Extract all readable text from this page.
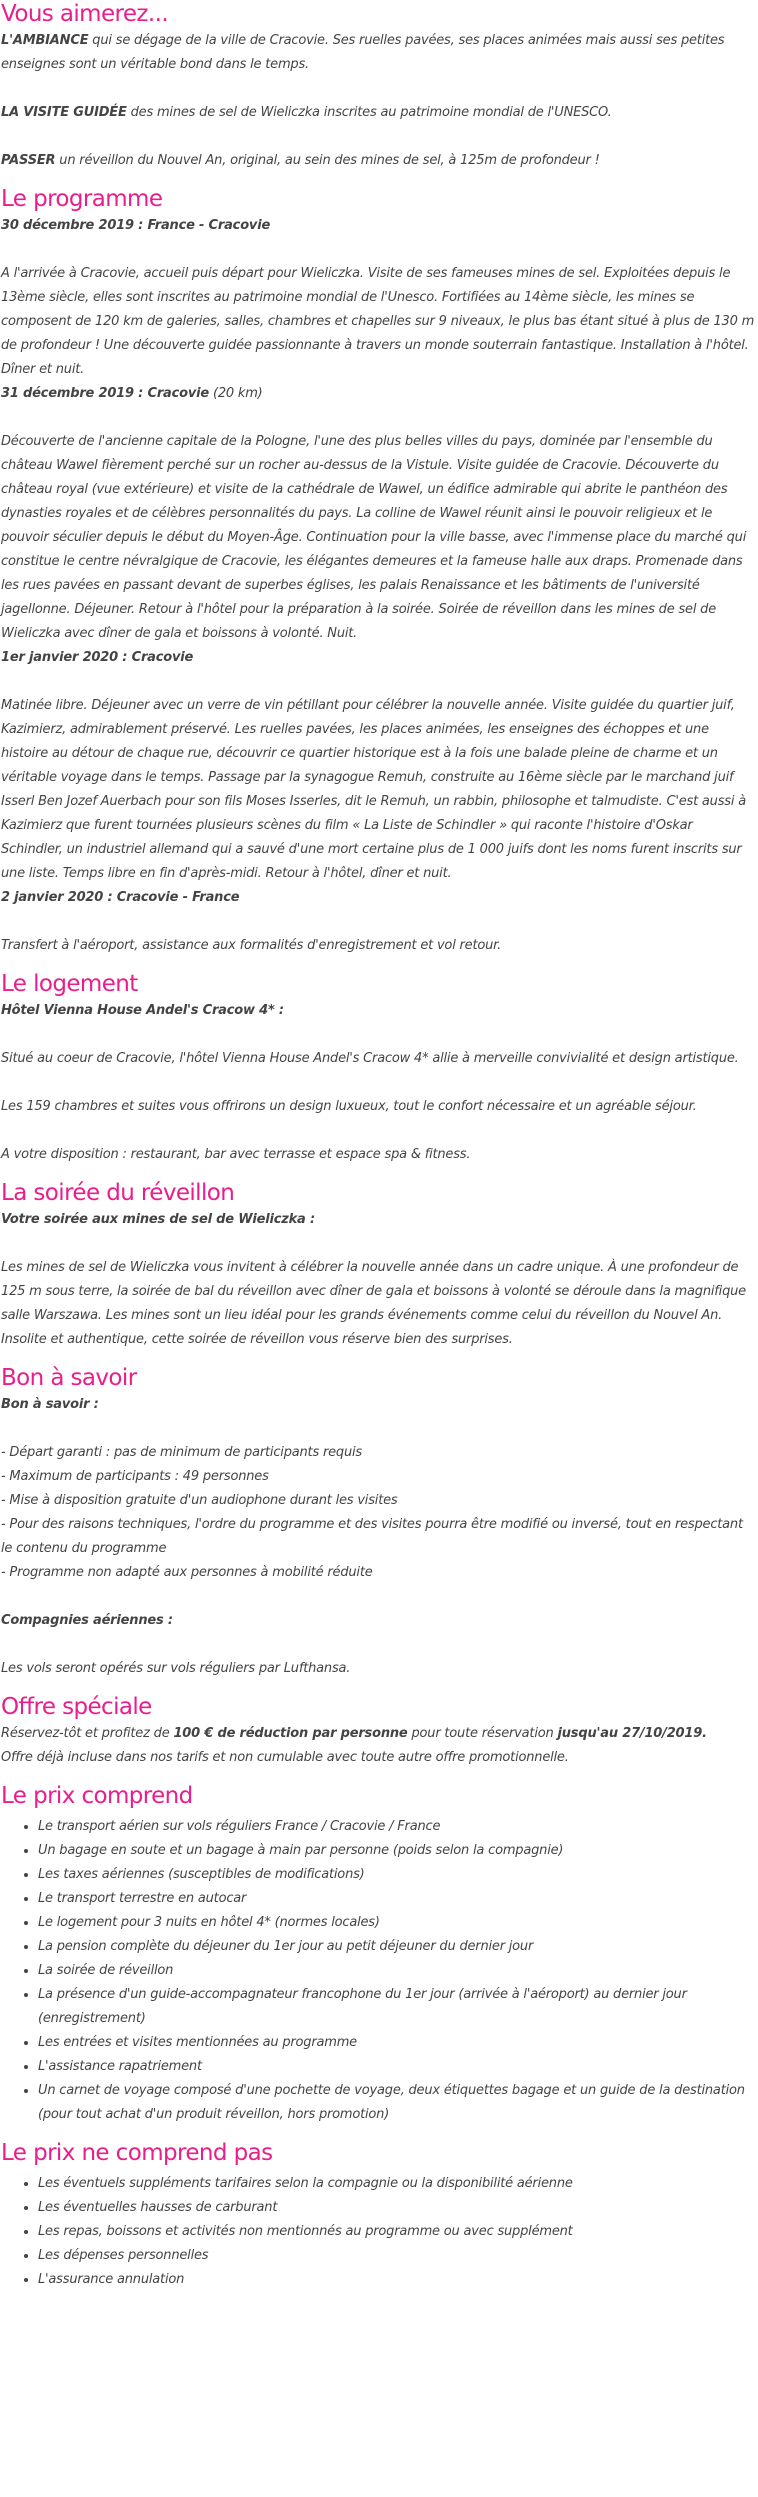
Vous aimerez...

L'AMBIANCE qui se dégage de la ville de Cracovie. Ses ruelles pavées, ses places animées mais aussi ses petites enseignes sont un véritable bond dans le temps.

LA VISITE GUIDÉE des mines de sel de Wieliczka inscrites au patrimoine mondial de l'UNESCO.

PASSER un réveillon du Nouvel An, original, au sein des mines de sel, à 125m de profondeur !

Le programme

30 décembre 2019 : France - Cracovie

A l'arrivée à Cracovie, accueil puis départ pour Wieliczka. Visite de ses fameuses mines de sel. Exploitées depuis le 13ème siècle, elles sont inscrites au patrimoine mondial de l'Unesco. Fortifiées au 14ème siècle, les mines se composent de 120 km de galeries, salles, chambres et chapelles sur 9 niveaux, le plus bas étant situé à plus de 130 m de profondeur ! Une découverte guidée passionnante à travers un monde souterrain fantastique. Installation à l'hôtel. Dîner et nuit.

31 décembre 2019 : Cracovie (20 km)

Découverte de l'ancienne capitale de la Pologne, l'une des plus belles villes du pays, dominée par l'ensemble du château Wawel fièrement perché sur un rocher au-dessus de la Vistule. Visite guidée de Cracovie. Découverte du château royal (vue extérieure) et visite de la cathédrale de Wawel, un édifice admirable qui abrite le panthéon des dynasties royales et de célèbres personnalités du pays. La colline de Wawel réunit ainsi le pouvoir religieux et le pouvoir séculier depuis le début du Moyen-Âge. Continuation pour la ville basse, avec l'immense place du marché qui constitue le centre névralgique de Cracovie, les élégantes demeures et la fameuse halle aux draps. Promenade dans les rues pavées en passant devant de superbes églises, les palais Renaissance et les bâtiments de l'université jagellonne. Déjeuner. Retour à l'hôtel pour la préparation à la soirée. Soirée de réveillon dans les mines de sel de Wieliczka avec dîner de gala et boissons à volonté. Nuit.

1er janvier 2020 : Cracovie

Matinée libre. Déjeuner avec un verre de vin pétillant pour célébrer la nouvelle année. Visite guidée du quartier juif, Kazimierz, admirablement préservé. Les ruelles pavées, les places animées, les enseignes des échoppes et une histoire au détour de chaque rue, découvrir ce quartier historique est à la fois une balade pleine de charme et un véritable voyage dans le temps. Passage par la synagogue Remuh, construite au 16ème siècle par le marchand juif Isserl Ben Jozef Auerbach pour son fils Moses Isserles, dit le Remuh, un rabbin, philosophe et talmudiste. C'est aussi à Kazimierz que furent tournées plusieurs scènes du film « La Liste de Schindler » qui raconte l'histoire d'Oskar Schindler, un industriel allemand qui a sauvé d'une mort certaine plus de 1 000 juifs dont les noms furent inscrits sur une liste. Temps libre en fin d'après-midi. Retour à l'hôtel, dîner et nuit.

2 janvier 2020 : Cracovie - France

Transfert à l'aéroport, assistance aux formalités d'enregistrement et vol retour.

Le logement

Hôtel Vienna House Andel's Cracow 4* :

Situé au coeur de Cracovie, l'hôtel Vienna House Andel's Cracow 4* allie à merveille convivialité et design artistique.

Les 159 chambres et suites vous offrirons un design luxueux, tout le confort nécessaire et un agréable séjour.

A votre disposition : restaurant, bar avec terrasse et espace spa & fitness.

La soirée du réveillon

Votre soirée aux mines de sel de Wieliczka :

Les mines de sel de Wieliczka vous invitent à célébrer la nouvelle année dans un cadre unique. À une profondeur de 125 m sous terre, la soirée de bal du réveillon avec dîner de gala et boissons à volonté se déroule dans la magnifique salle Warszawa. Les mines sont un lieu idéal pour les grands événements comme celui du réveillon du Nouvel An. Insolite et authentique, cette soirée de réveillon vous réserve bien des surprises.

Bon à savoir

Bon à savoir :

- Départ garanti : pas de minimum de participants requis

- Maximum de participants : 49 personnes

- Mise à disposition gratuite d'un audiophone durant les visites

- Pour des raisons techniques, l'ordre du programme et des visites pourra être modifié ou inversé, tout en respectant le contenu du programme

- Programme non adapté aux personnes à mobilité réduite

Compagnies aériennes :

Les vols seront opérés sur vols réguliers par Lufthansa.

Offre spéciale

Réservez-tôt et profitez de 100 € de réduction par personne pour toute réservation jusqu'au 27/10/2019.

Offre déjà incluse dans nos tarifs et non cumulable avec toute autre offre promotionnelle.

Le prix comprend
• Le transport aérien sur vols réguliers France / Cracovie / France
• Un bagage en soute et un bagage à main par personne (poids selon la compagnie)
• Les taxes aériennes (susceptibles de modifications)
• Le transport terrestre en autocar
• Le logement pour 3 nuits en hôtel 4* (normes locales)
• La pension complète du déjeuner du 1er jour au petit déjeuner du dernier jour
• La soirée de réveillon
• La présence d'un guide-accompagnateur francophone du 1er jour (arrivée à l'aéroport) au dernier jour (enregistrement)
• Les entrées et visites mentionnées au programme
• L'assistance rapatriement
• Un carnet de voyage composé d'une pochette de voyage, deux étiquettes bagage et un guide de la destination (pour tout achat d'un produit réveillon, hors promotion)
Le prix ne comprend pas
• Les éventuels suppléments tarifaires selon la compagnie ou la disponibilité aérienne
• Les éventuelles hausses de carburant
• Les repas, boissons et activités non mentionnés au programme ou avec supplément
• Les dépenses personnelles
• L'assurance annulation
